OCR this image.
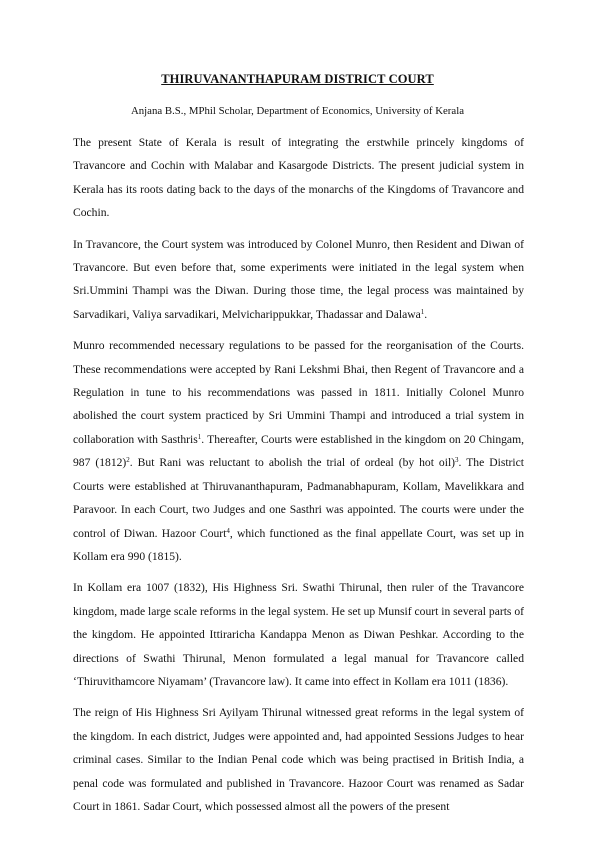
THIRUVANANTHAPURAM DISTRICT COURT

Anjana B.S., MPhil Scholar, Department of Economics, University of Kerala

The present State of Kerala is result of integrating the erstwhile princely kingdoms of Travancore and Cochin with Malabar and Kasargode Districts. The present judicial system in Kerala has its roots dating back to the days of the monarchs of the Kingdoms of Travancore and Cochin.

In Travancore, the Court system was introduced by Colonel Munro, then Resident and Diwan of Travancore. But even before that, some experiments were initiated in the legal system when Sri.Ummini Thampi was the Diwan. During those time, the legal process was maintained by Sarvadikari, Valiya sarvadikari, Melvicharippukkar, Thadassar and Dalawa$^1$.

Munro recommended necessary regulations to be passed for the reorganisation of the Courts. These recommendations were accepted by Rani Lekshmi Bhai, then Regent of Travancore and a Regulation in tune to his recommendations was passed in 1811. Initially Colonel Munro abolished the court system practiced by Sri Ummini Thampi and introduced a trial system in collaboration with Sasthris$^1$. Thereafter, Courts were established in the kingdom on 20 Chingam, 987 $(1812)^2$. But Rani was reluctant to abolish the trial of ordeal (by hot oil)$^3$. The District Courts were established at Thiruvananthapuram, Padmanabhapuram, Kollam, Mavelikkara and Paravoor. In each Court, two Judges and one Sasthri was appointed. The courts were under the control of Diwan. Hazoor Court$^4$, which functioned as the final appellate Court, was set up in Kollam era 990 (1815).

In Kollam era 1007 (1832), His Highness Sri. Swathi Thirunal, then ruler of the Travancore kingdom, made large scale reforms in the legal system. He set up Munsif court in several parts of the kingdom. He appointed Ittiraricha Kandappa Menon as Diwan Peshkar. According to the directions of Swathi Thirunal, Menon formulated a legal manual for Travancore called ‘Thiruvithamcore Niyamam’ (Travancore law). It came into effect in Kollam era 1011 (1836).

The reign of His Highness Sri Ayilyam Thirunal witnessed great reforms in the legal system of the kingdom. In each district, Judges were appointed and, had appointed Sessions Judges to hear criminal cases. Similar to the Indian Penal code which was being practised in British India, a penal code was formulated and published in Travancore. Hazoor Court was renamed as Sadar Court in 1861. Sadar Court, which possessed almost all the powers of the present
